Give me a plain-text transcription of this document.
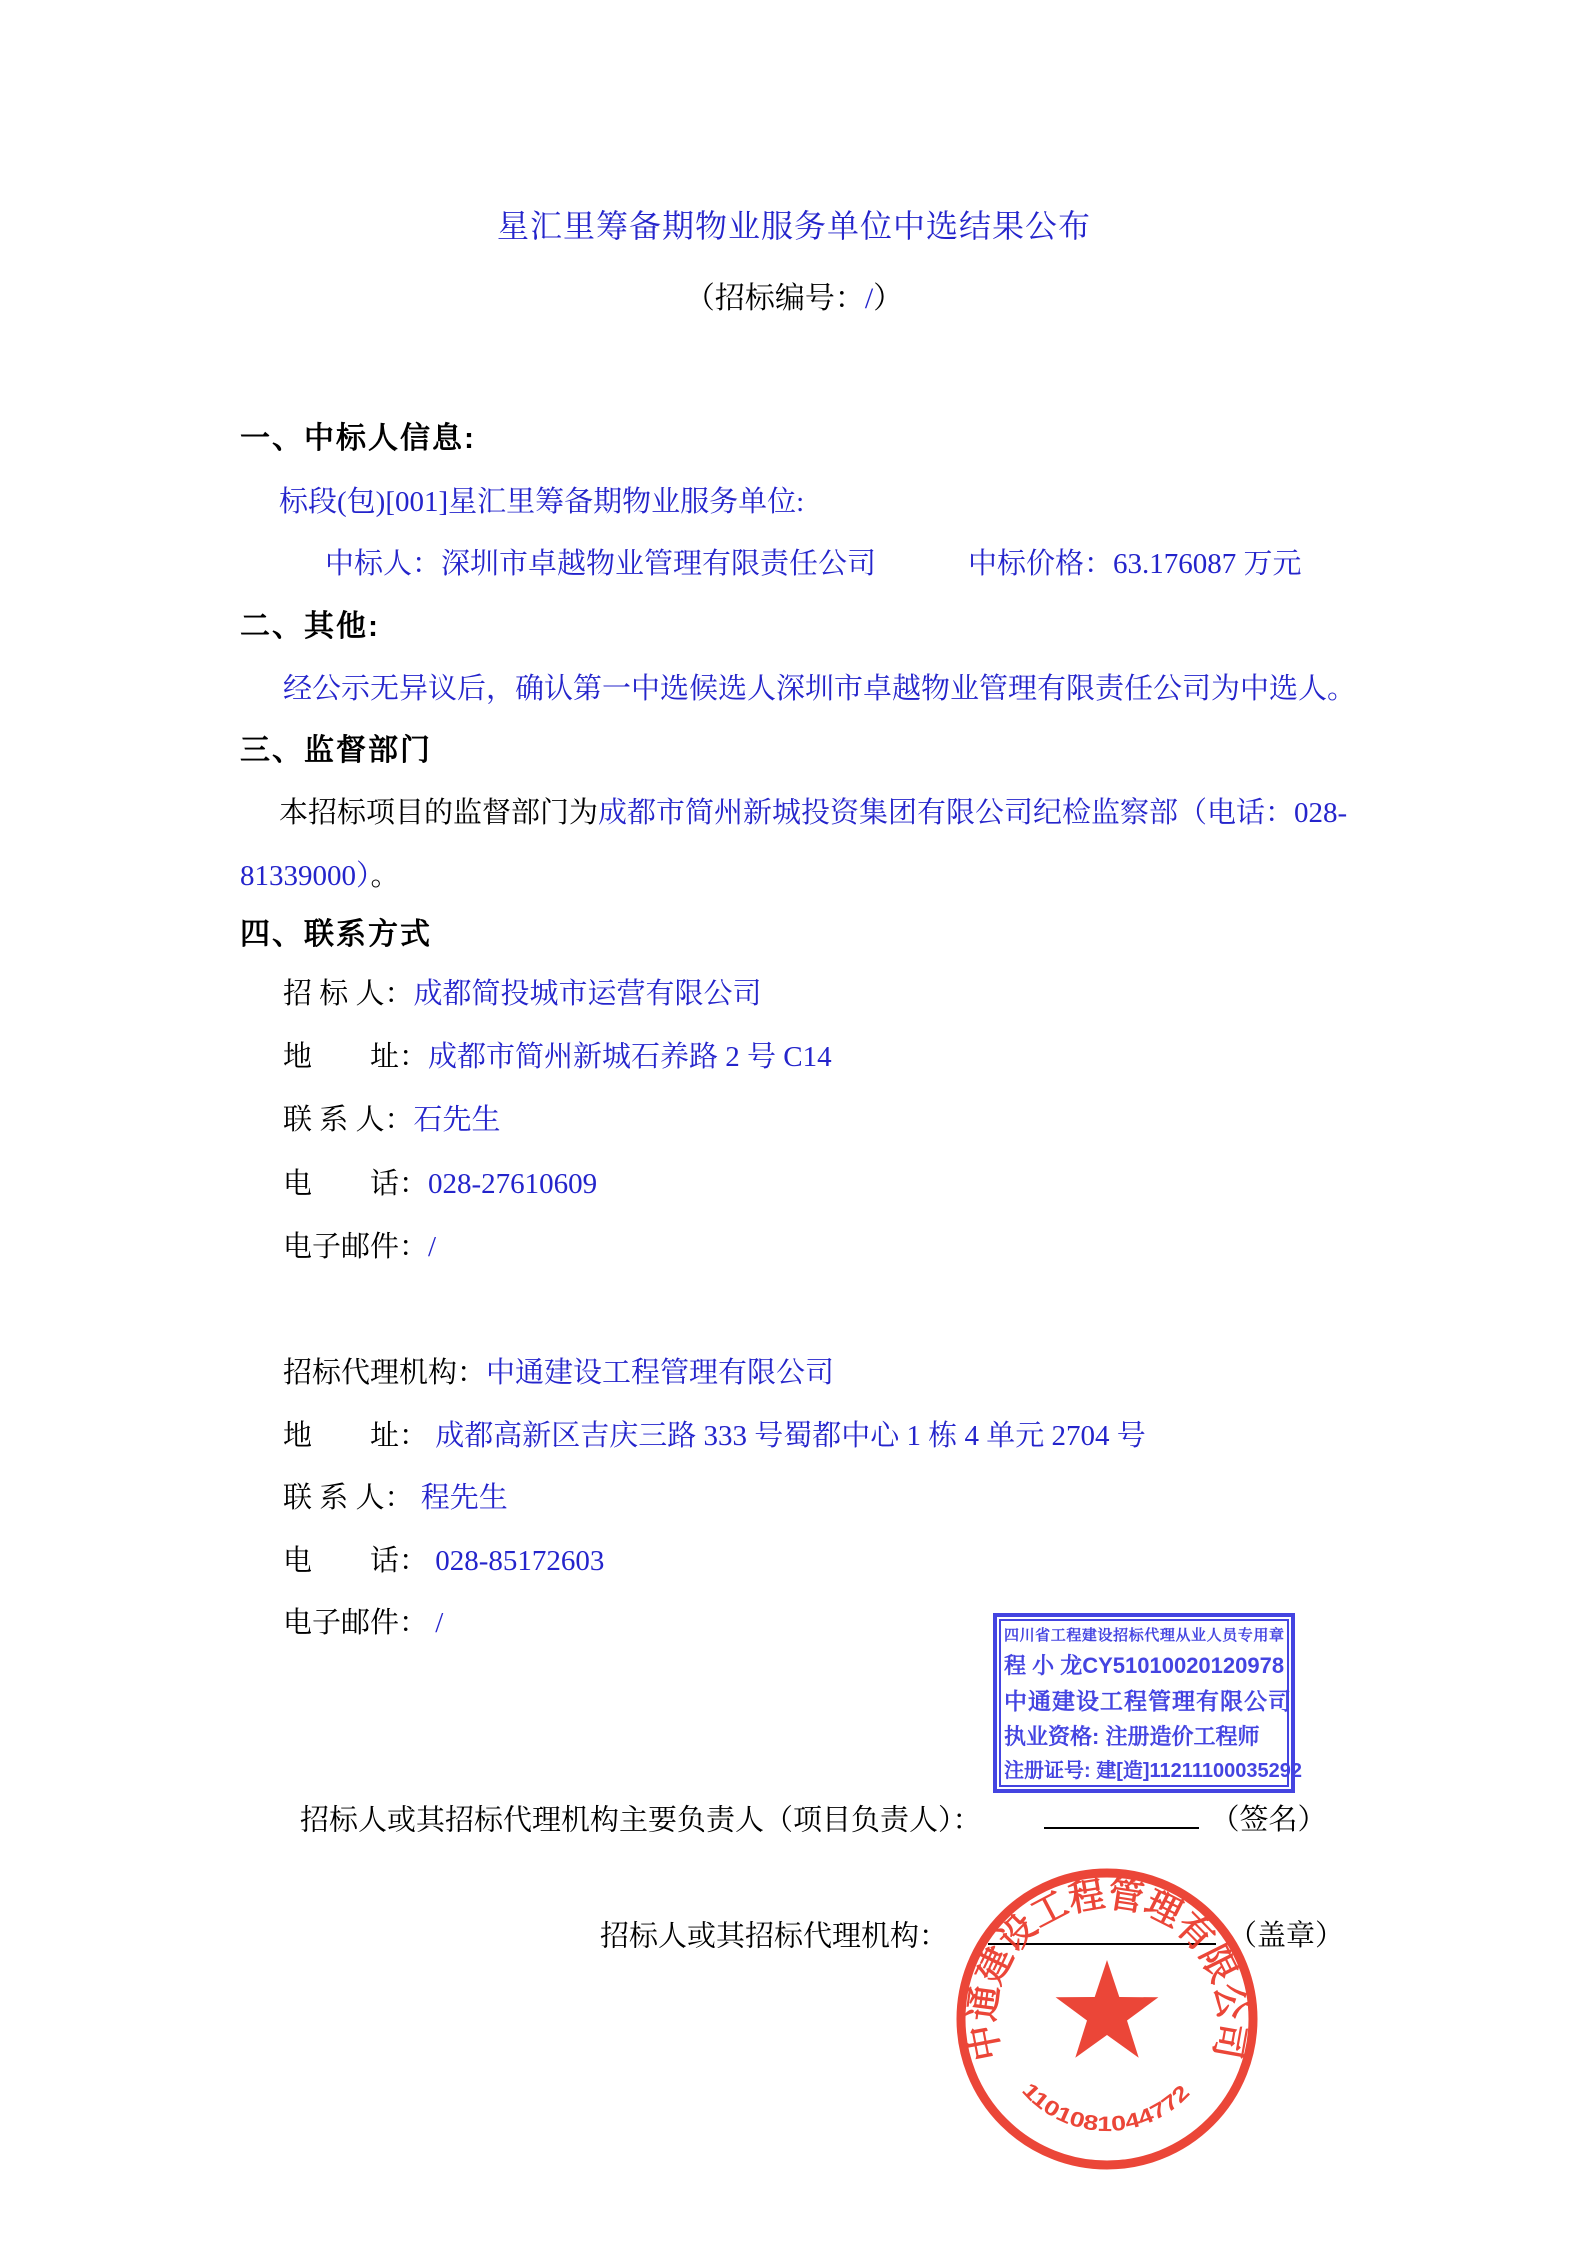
星汇里筹备期物业服务单位中选结果公布
（招标编号：/）
一、中标人信息:
标段(包)[001]星汇里筹备期物业服务单位:
中标人：深圳市卓越物业管理有限责任公司	中标价格：63.176087 万元
二、其他:
经公示无异议后，确认第一中选候选人深圳市卓越物业管理有限责任公司为中选人。
三、监督部门
本招标项目的监督部门为成都市简州新城投资集团有限公司纪检监察部（电话：028-
81339000）。
四、联系方式
招 标 人：成都简投城市运营有限公司
地　　址：成都市简州新城石养路 2 号 C14
联 系 人：石先生
电　　话：028-27610609
电子邮件：/
招标代理机构：中通建设工程管理有限公司
地　　址： 成都高新区吉庆三路 333 号蜀都中心 1 栋 4 单元 2704 号
联 系 人： 程先生
电　　话： 028-85172603
电子邮件： /	四川省工程建设招标代理从业人员专用章
程 小 龙CY51010020120978
中通建设工程管理有限公司
执业资格: 注册造价工程师
注册证号: 建[造]11211100035292
招标人或其招标代理机构主要负责人（项目负责人）：	（签名）
招标人或其招标代理机构：	（盖章）
中通建设工程管理有限公司
1101081044772
